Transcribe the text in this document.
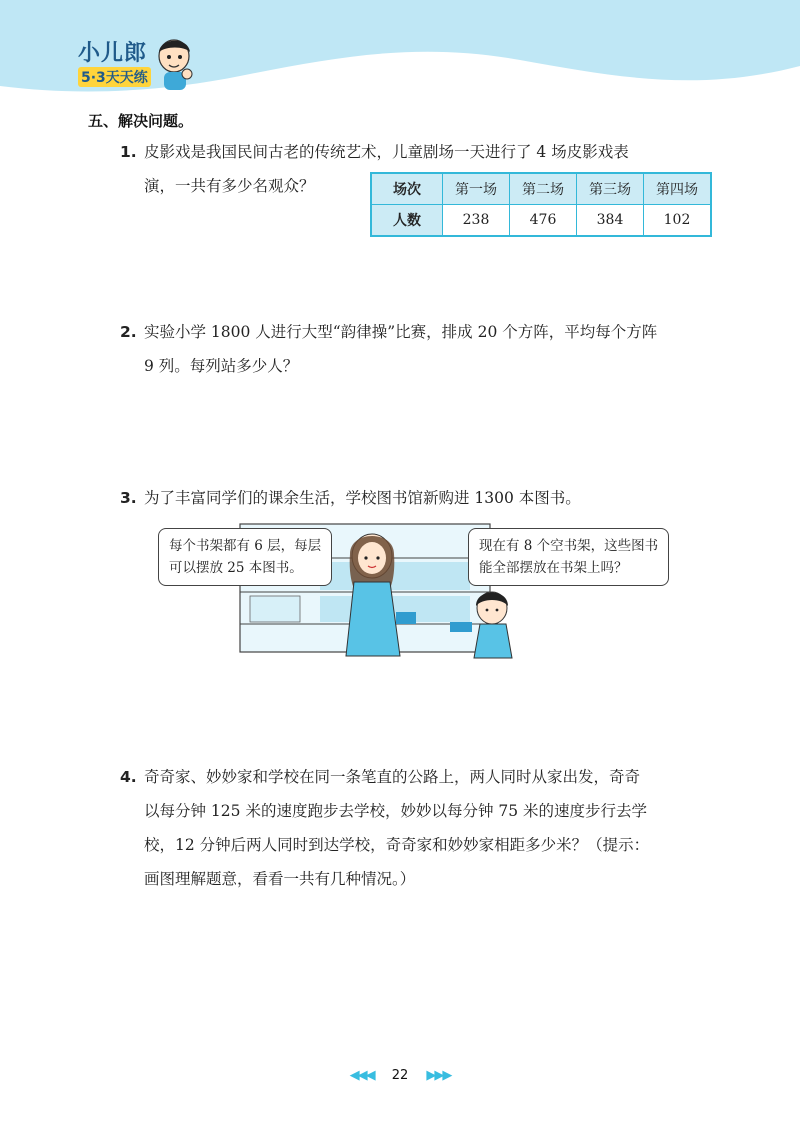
小儿郎
5·3天天练
五、解决问题。
1. 皮影戏是我国民间古老的传统艺术，儿童剧场一天进行了 4 场皮影戏表

演，一共有多少名观众？	场次	第一场	第二场	第三场	第四场
人数	238	476	384	102
2. 实验小学 1800 人进行大型“韵律操”比赛，排成 20 个方阵，平均每个方阵

9 列。每列站多少人？

3. 为了丰富同学们的课余生活，学校图书馆新购进 1300 本图书。

每个书架都有 6 层，每层
可以摆放 25 本图书。
现在有 8 个空书架，这些图书
能全部摆放在书架上吗？
4. 奇奇家、妙妙家和学校在同一条笔直的公路上，两人同时从家出发，奇奇

以每分钟 125 米的速度跑步去学校，妙妙以每分钟 75 米的速度步行去学

校，12 分钟后两人同时到达学校，奇奇家和妙妙家相距多少米？（提示：

画图理解题意，看看一共有几种情况。）

◀◀◀ 22 ▶▶▶
